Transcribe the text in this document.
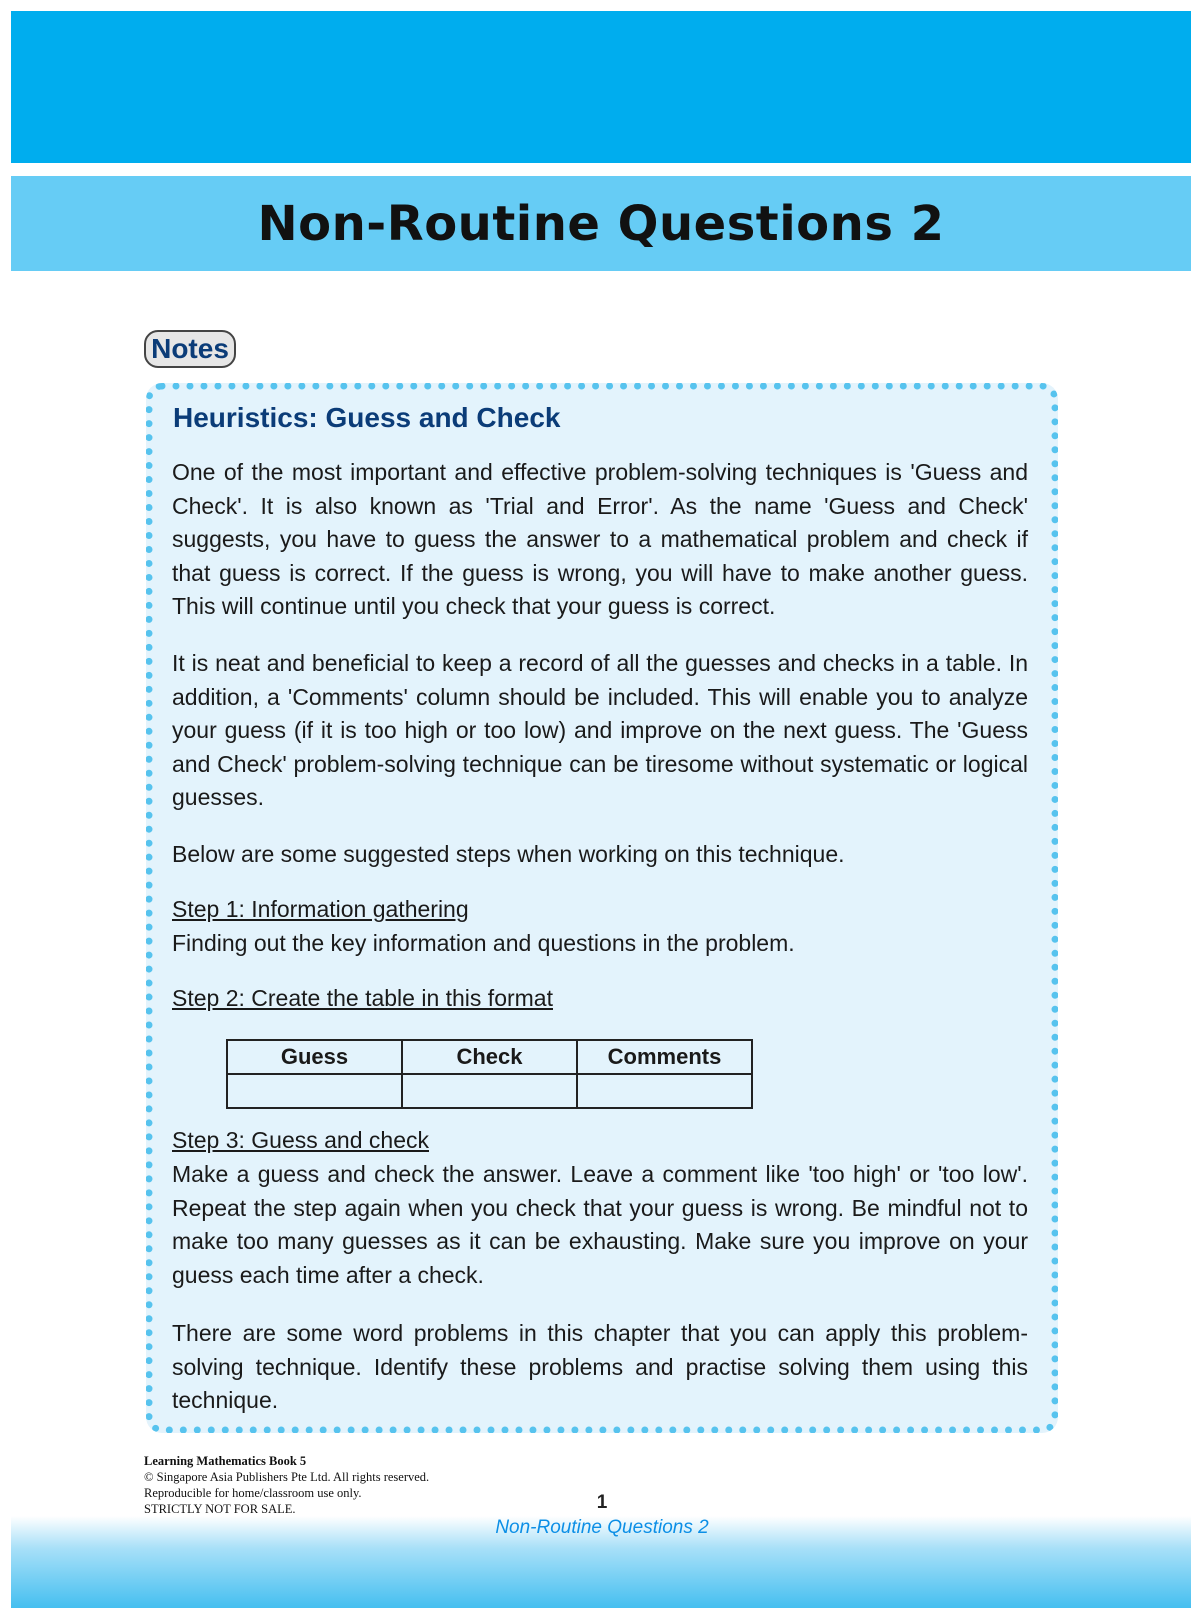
Non-Routine Questions 2
Notes
Heuristics: Guess and Check

One of the most important and effective problem-solving techniques is 'Guess and Check'. It is also known as 'Trial and Error'. As the name 'Guess and Check' suggests, you have to guess the answer to a mathematical problem and check if that guess is correct. If the guess is wrong, you will have to make another guess. This will continue until you check that your guess is correct.

It is neat and beneficial to keep a record of all the guesses and checks in a table. In addition, a 'Comments' column should be included. This will enable you to analyze your guess (if it is too high or too low) and improve on the next guess. The 'Guess and Check' problem-solving technique can be tiresome without systematic or logical guesses.

Below are some suggested steps when working on this technique.

Step 1: Information gathering

Finding out the key information and questions in the problem.

Step 2: Create the table in this format

Guess	Check	Comments

Step 3: Guess and check

Make a guess and check the answer. Leave a comment like 'too high' or 'too low'. Repeat the step again when you check that your guess is wrong. Be mindful not to make too many guesses as it can be exhausting. Make sure you improve on your guess each time after a check.

There are some word problems in this chapter that you can apply this problem-solving technique. Identify these problems and practise solving them using this technique.

Learning Mathematics Book 5
© Singapore Asia Publishers Pte Ltd. All rights reserved.
Reproducible for home/classroom use only.
STRICTLY NOT FOR SALE.	1
Non-Routine Questions 2
